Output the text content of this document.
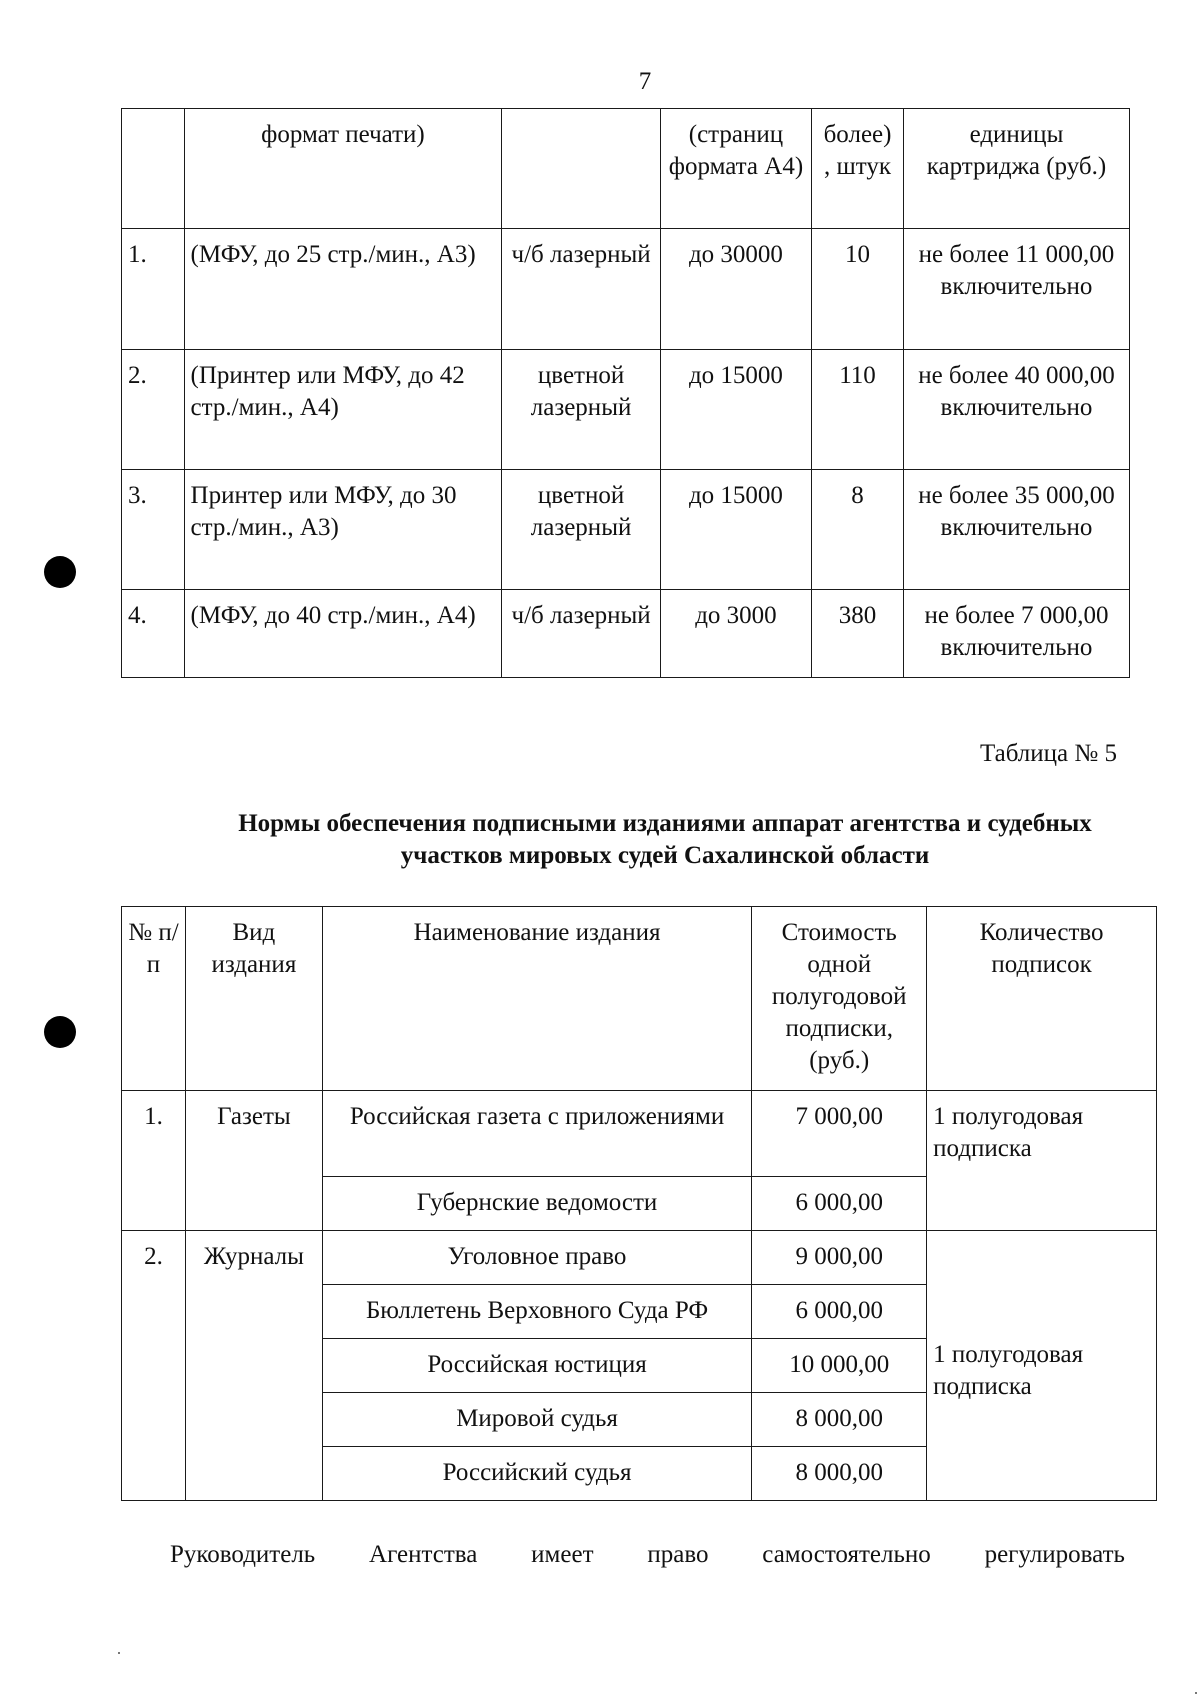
7
	формат печати)		(страниц формата А4)	более) , штук	единицы картриджа (руб.)
1.	(МФУ, до 25 стр./мин., А3)	ч/б лазерный	до 30000	10	не более 11 000,00 включительно
2.	(Принтер или МФУ, до 42 стр./мин., А4)	цветной лазерный	до 15000	110	не более 40 000,00 включительно
3.	Принтер или МФУ, до 30 стр./мин., А3)	цветной лазерный	до 15000	8	не более 35 000,00 включительно
4.	(МФУ, до 40 стр./мин., А4)	ч/б лазерный	до 3000	380	не более 7 000,00 включительно
Таблица № 5
Нормы обеспечения подписными изданиями аппарат агентства и судебных участков мировых судей Сахалинской области
№ п/п	Вид издания	Наименование издания	Стоимость одной полугодовой подписки, (руб.)	Количество подписок
1.	Газеты	Российская газета с приложениями	7 000,00	1 полугодовая подписка
		Губернские ведомости	6 000,00	
2.	Журналы	Уголовное право	9 000,00	1 полугодовая подписка
		Бюллетень Верховного Суда РФ	6 000,00	
		Российская юстиция	10 000,00	
		Мировой судья	8 000,00	
		Российский судья	8 000,00	
Руководитель Агентства имеет право самостоятельно регулировать
